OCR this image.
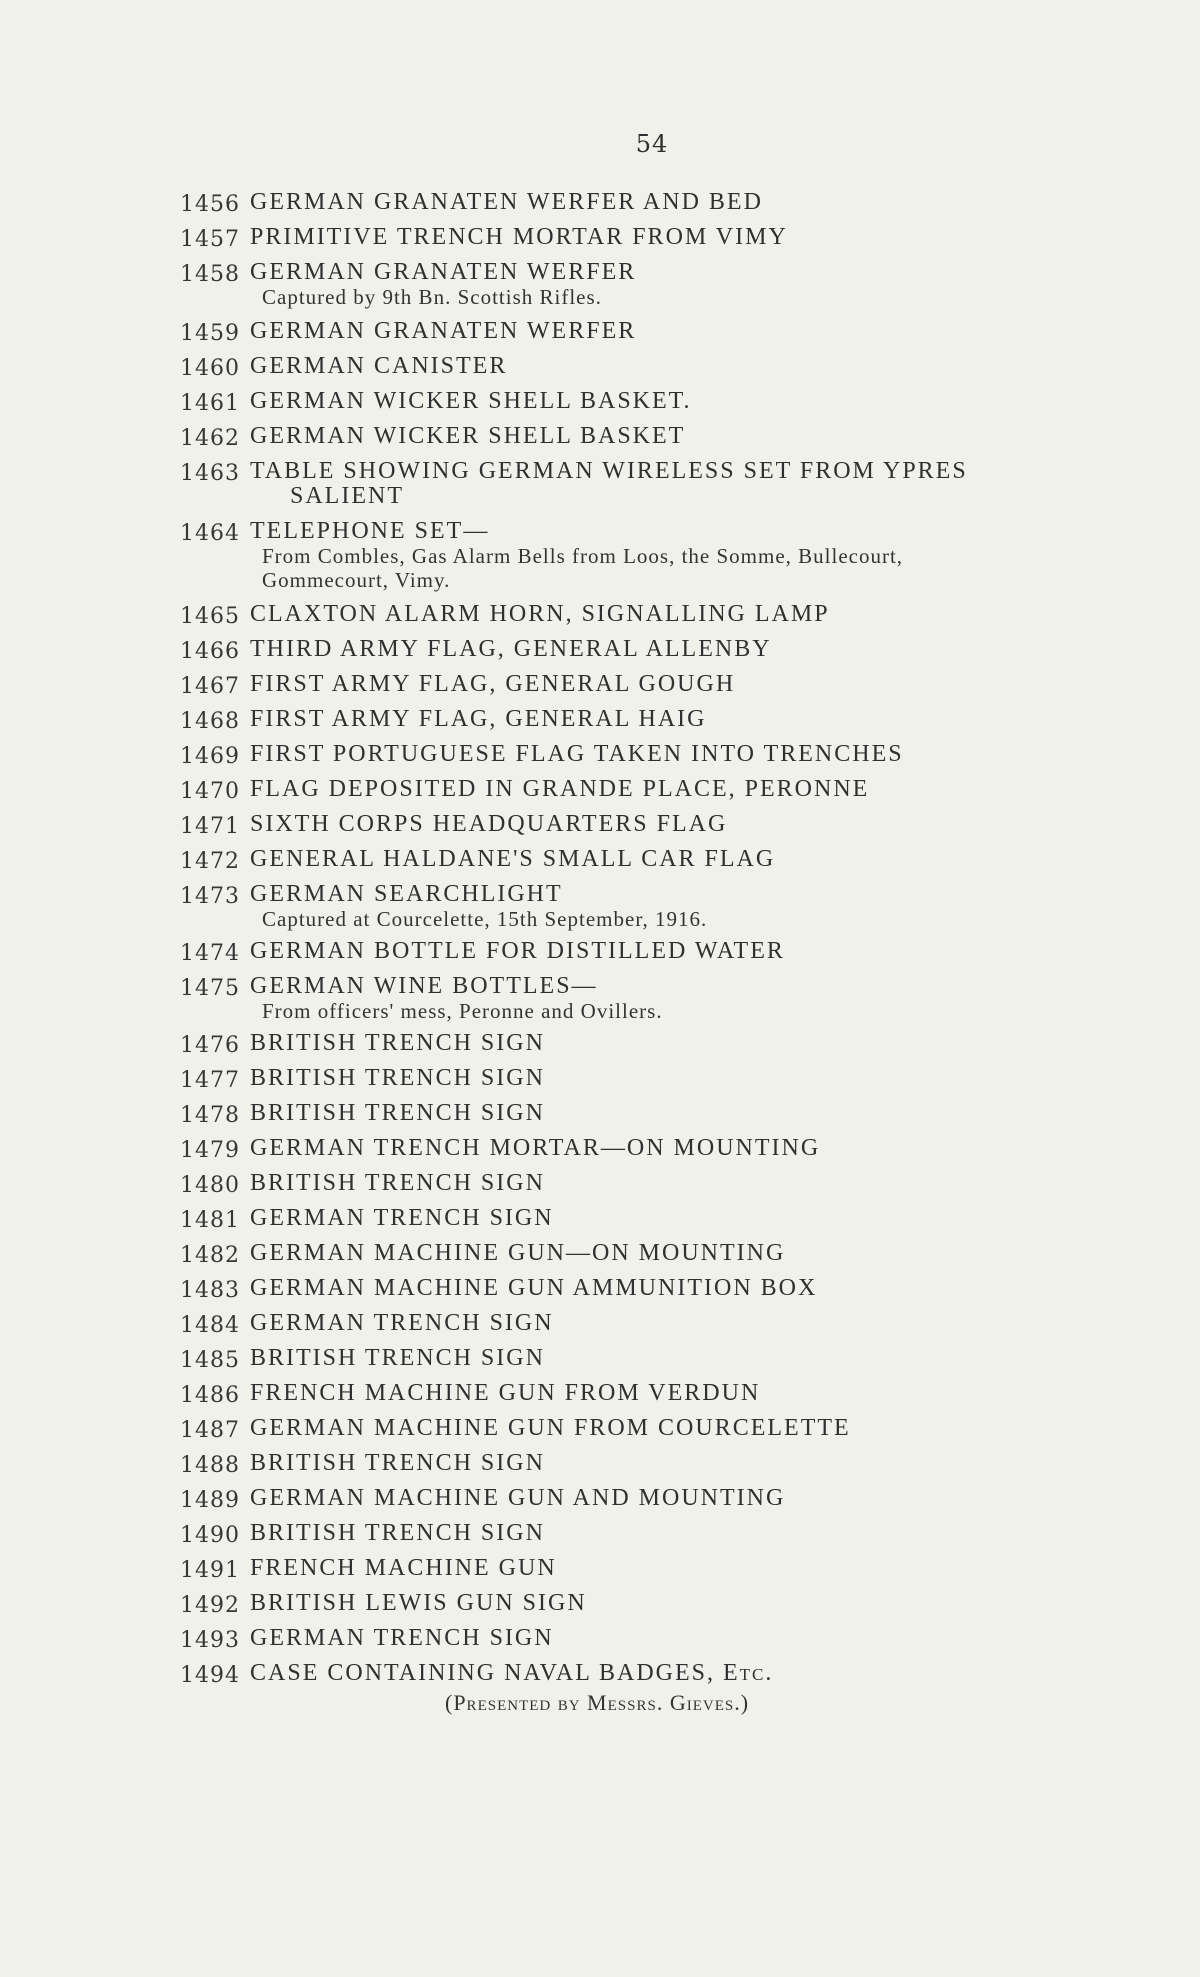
54
1456 GERMAN GRANATEN WERFER AND BED
1457 PRIMITIVE TRENCH MORTAR FROM VIMY
1458 GERMAN GRANATEN WERFER
Captured by 9th Bn. Scottish Rifles.
1459 GERMAN GRANATEN WERFER
1460 GERMAN CANISTER
1461 GERMAN WICKER SHELL BASKET.
1462 GERMAN WICKER SHELL BASKET
1463 TABLE SHOWING GERMAN WIRELESS SET FROM YPRES
SALIENT
1464 TELEPHONE SET—
From Combles, Gas Alarm Bells from Loos, the Somme, Bullecourt,
Gommecourt, Vimy.
1465 CLAXTON ALARM HORN, SIGNALLING LAMP
1466 THIRD ARMY FLAG, GENERAL ALLENBY
1467 FIRST ARMY FLAG, GENERAL GOUGH
1468 FIRST ARMY FLAG, GENERAL HAIG
1469 FIRST PORTUGUESE FLAG TAKEN INTO TRENCHES
1470 FLAG DEPOSITED IN GRANDE PLACE, PERONNE
1471 SIXTH CORPS HEADQUARTERS FLAG
1472 GENERAL HALDANE'S SMALL CAR FLAG
1473 GERMAN SEARCHLIGHT
Captured at Courcelette, 15th September, 1916.
1474 GERMAN BOTTLE FOR DISTILLED WATER
1475 GERMAN WINE BOTTLES—
From officers' mess, Peronne and Ovillers.
1476 BRITISH TRENCH SIGN
1477 BRITISH TRENCH SIGN
1478 BRITISH TRENCH SIGN
1479 GERMAN TRENCH MORTAR—ON MOUNTING
1480 BRITISH TRENCH SIGN
1481 GERMAN TRENCH SIGN
1482 GERMAN MACHINE GUN—ON MOUNTING
1483 GERMAN MACHINE GUN AMMUNITION BOX
1484 GERMAN TRENCH SIGN
1485 BRITISH TRENCH SIGN
1486 FRENCH MACHINE GUN FROM VERDUN
1487 GERMAN MACHINE GUN FROM COURCELETTE
1488 BRITISH TRENCH SIGN
1489 GERMAN MACHINE GUN AND MOUNTING
1490 BRITISH TRENCH SIGN
1491 FRENCH MACHINE GUN
1492 BRITISH LEWIS GUN SIGN
1493 GERMAN TRENCH SIGN
1494 CASE CONTAINING NAVAL BADGES, Etc.
(Presented by Messrs. Gieves.)
